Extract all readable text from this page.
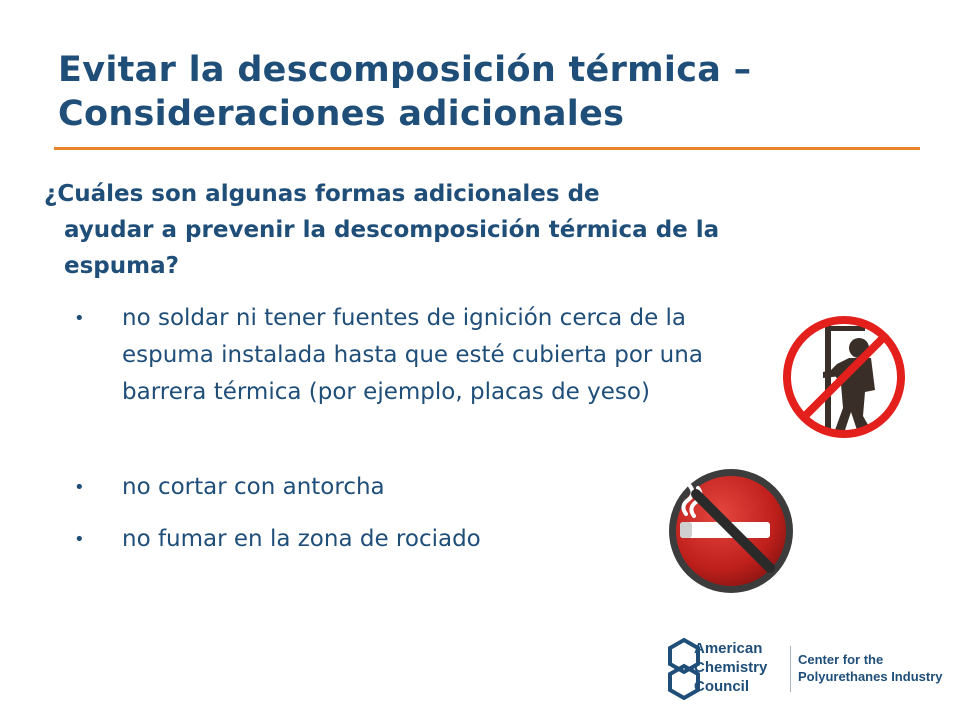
Evitar la descomposición térmica –
Consideraciones adicionales
¿Cuáles son algunas formas adicionales de
ayudar a prevenir la descomposición térmica de la espuma?
• no soldar ni tener fuentes de ignición cerca de la espuma instalada hasta que esté cubierta por una barrera térmica (por ejemplo, placas de yeso)
• no cortar con antorcha
• no fumar en la zona de rociado
American
Chemistry
Council
Center for the
Polyurethanes Industry
